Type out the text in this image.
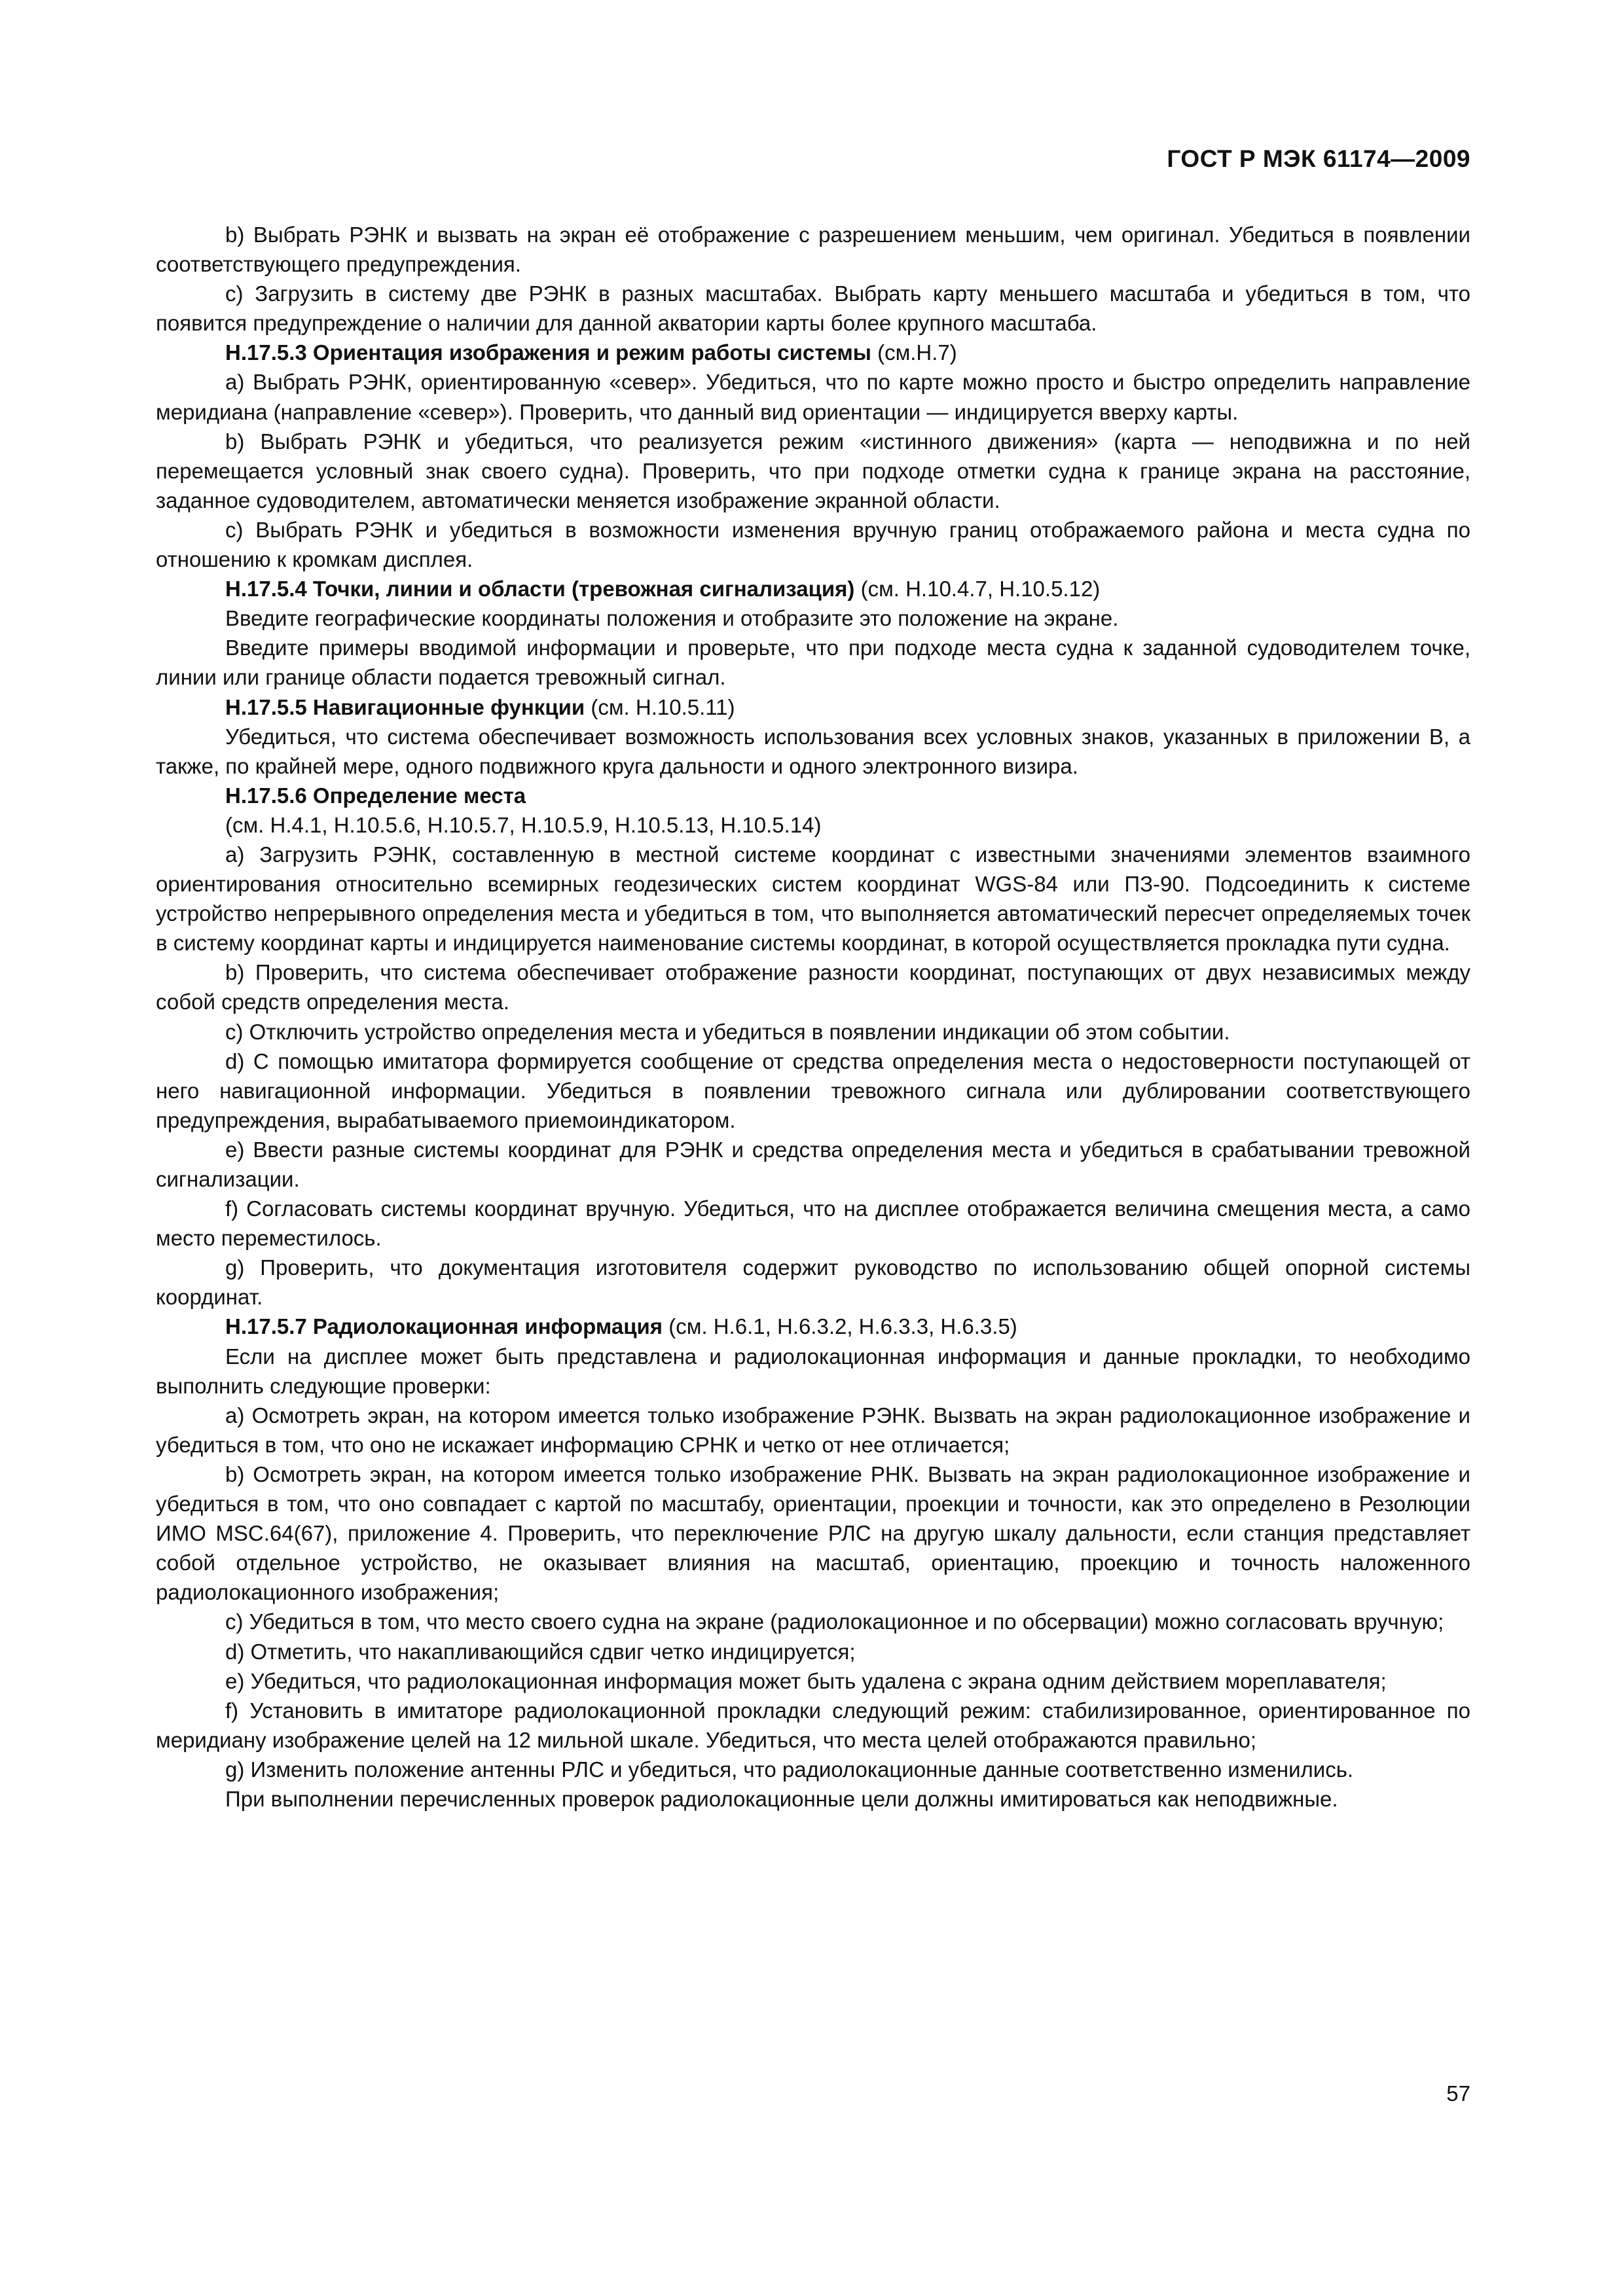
ГОСТ Р МЭК 61174—2009

b) Выбрать РЭНК и вызвать на экран её отображение с разрешением меньшим, чем оригинал. Убедиться в появлении соответствующего предупреждения.

c) Загрузить в систему две РЭНК в разных масштабах. Выбрать карту меньшего масштаба и убедиться в том, что появится предупреждение о наличии для данной акватории карты более крупного масштаба.

H.17.5.3 Ориентация изображения и режим работы системы (см.Н.7)

a) Выбрать РЭНК, ориентированную «север». Убедиться, что по карте можно просто и быстро определить направление меридиана (направление «север»). Проверить, что данный вид ориентации — индицируется вверху карты.

b) Выбрать РЭНК и убедиться, что реализуется режим «истинного движения» (карта — неподвижна и по ней перемещается условный знак своего судна). Проверить, что при подходе отметки судна к границе экрана на расстояние, заданное судоводителем, автоматически меняется изображение экранной области.

c) Выбрать РЭНК и убедиться в возможности изменения вручную границ отображаемого района и места судна по отношению к кромкам дисплея.

H.17.5.4 Точки, линии и области (тревожная сигнализация) (см. Н.10.4.7, Н.10.5.12)

Введите географические координаты положения и отобразите это положение на экране.

Введите примеры вводимой информации и проверьте, что при подходе места судна к заданной судоводителем точке, линии или границе области подается тревожный сигнал.

H.17.5.5 Навигационные функции (см. Н.10.5.11)

Убедиться, что система обеспечивает возможность использования всех условных знаков, указанных в приложении В, а также, по крайней мере, одного подвижного круга дальности и одного электронного визира.

H.17.5.6 Определение места

(см. Н.4.1, Н.10.5.6, Н.10.5.7, Н.10.5.9, Н.10.5.13, Н.10.5.14)

a) Загрузить РЭНК, составленную в местной системе координат с известными значениями элементов взаимного ориентирования относительно всемирных геодезических систем координат WGS-84 или ПЗ-90. Подсоединить к системе устройство непрерывного определения места и убедиться в том, что выполняется автоматический пересчет определяемых точек в систему координат карты и индицируется наименование системы координат, в которой осуществляется прокладка пути судна.

b) Проверить, что система обеспечивает отображение разности координат, поступающих от двух независимых между собой средств определения места.

c) Отключить устройство определения места и убедиться в появлении индикации об этом событии.

d) С помощью имитатора формируется сообщение от средства определения места о недостоверности поступающей от него навигационной информации. Убедиться в появлении тревожного сигнала или дублировании соответствующего предупреждения, вырабатываемого приемоиндикатором.

e) Ввести разные системы координат для РЭНК и средства определения места и убедиться в срабатывании тревожной сигнализации.

f) Согласовать системы координат вручную. Убедиться, что на дисплее отображается величина смещения места, а само место переместилось.

g) Проверить, что документация изготовителя содержит руководство по использованию общей опорной системы координат.

H.17.5.7 Радиолокационная информация (см. Н.6.1, Н.6.3.2, Н.6.3.3, Н.6.3.5)

Если на дисплее может быть представлена и радиолокационная информация и данные прокладки, то необходимо выполнить следующие проверки:

a) Осмотреть экран, на котором имеется только изображение РЭНК. Вызвать на экран радиолокационное изображение и убедиться в том, что оно не искажает информацию СРНК и четко от нее отличается;

b) Осмотреть экран, на котором имеется только изображение РНК. Вызвать на экран радиолокационное изображение и убедиться в том, что оно совпадает с картой по масштабу, ориентации, проекции и точности, как это определено в Резолюции ИМО MSC.64(67), приложение 4. Проверить, что переключение РЛС на другую шкалу дальности, если станция представляет собой отдельное устройство, не оказывает влияния на масштаб, ориентацию, проекцию и точность наложенного радиолокационного изображения;

c) Убедиться в том, что место своего судна на экране (радиолокационное и по обсервации) можно согласовать вручную;

d) Отметить, что накапливающийся сдвиг четко индицируется;

e) Убедиться, что радиолокационная информация может быть удалена с экрана одним действием мореплавателя;

f) Установить в имитаторе радиолокационной прокладки следующий режим: стабилизированное, ориентированное по меридиану изображение целей на 12 мильной шкале. Убедиться, что места целей отображаются правильно;

g) Изменить положение антенны РЛС и убедиться, что радиолокационные данные соответственно изменились.

При выполнении перечисленных проверок радиолокационные цели должны имитироваться как неподвижные.

57
